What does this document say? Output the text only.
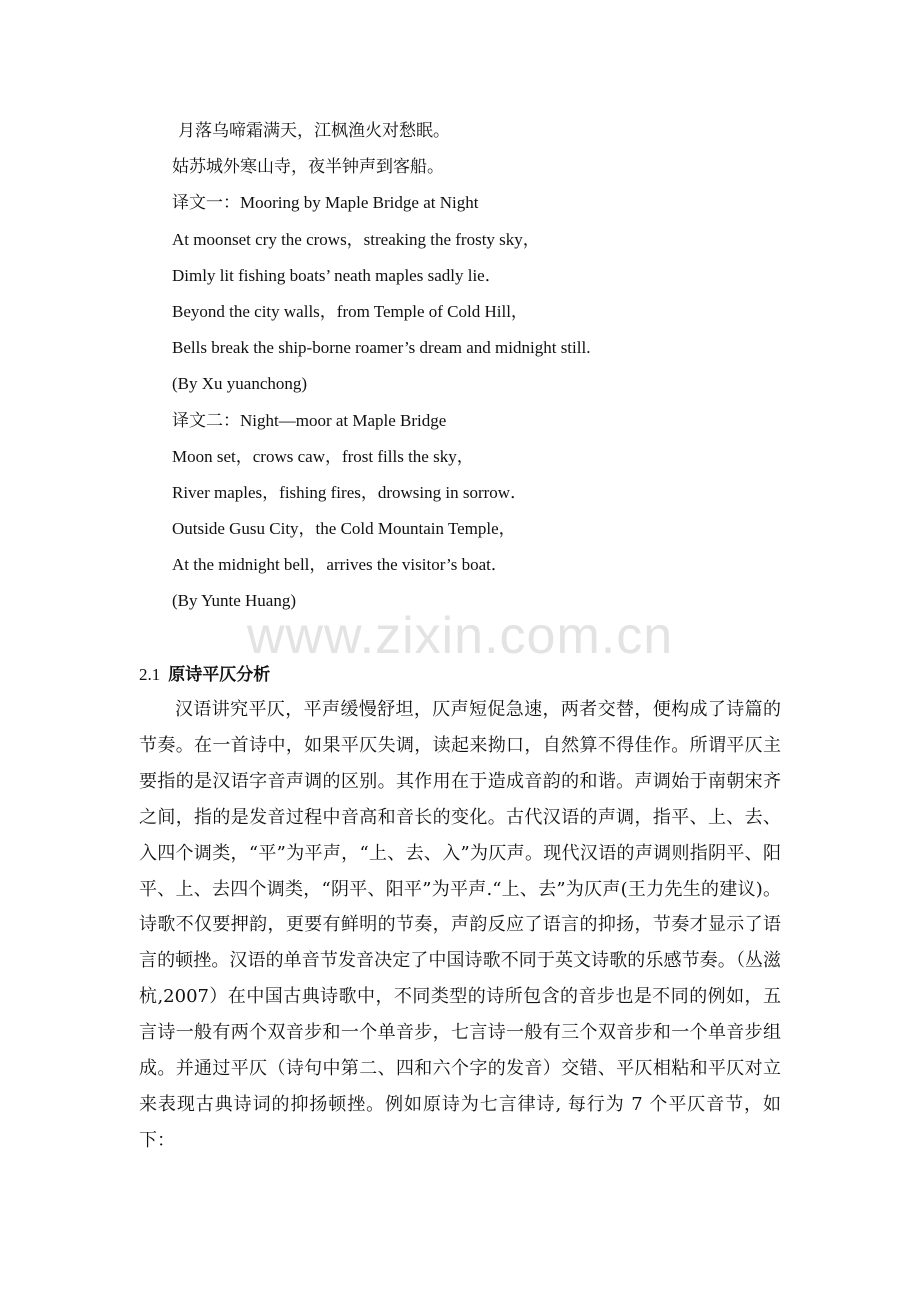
月落乌啼霜满天，江枫渔火对愁眠。
姑苏城外寒山寺，夜半钟声到客船。
译文一：Mooring by Maple Bridge at Night
At moonset cry the crows，streaking the frosty sky，
Dimly lit fishing boats’ neath maples sadly lie．
Beyond the city walls，from Temple of Cold Hill，
Bells break the ship-borne roamer’s dream and midnight still.
(By Xu yuanchong)
译文二：Night—moor at Maple Bridge
Moon set，crows caw，frost fills the sky，
River maples，fishing fires，drowsing in sorrow．
Outside Gusu City，the Cold Mountain Temple，
At the midnight bell，arrives the visitor’s boat．
(By Yunte Huang)
www.zixin.com.cn
2.1 原诗平仄分析

汉语讲究平仄，平声缓慢舒坦，仄声短促急速，两者交替，便构成了诗篇的节奏。在一首诗中，如果平仄失调，读起来拗口，自然算不得佳作。所谓平仄主要指的是汉语字音声调的区别。其作用在于造成音韵的和谐。声调始于南朝宋齐之间，指的是发音过程中音高和音长的变化。古代汉语的声调，指平、上、去、入四个调类，“平”为平声，“上、去、入”为仄声。现代汉语的声调则指阴平、阳平、上、去四个调类，“阴平、阳平”为平声.“上、去”为仄声(王力先生的建议)。诗歌不仅要押韵，更要有鲜明的节奏，声韵反应了语言的抑扬，节奏才显示了语言的顿挫。汉语的单音节发音决定了中国诗歌不同于英文诗歌的乐感节奏。（丛滋杭,2007）在中国古典诗歌中，不同类型的诗所包含的音步也是不同的例如，五言诗一般有两个双音步和一个单音步，七言诗一般有三个双音步和一个单音步组成。并通过平仄（诗句中第二、四和六个字的发音）交错、平仄相粘和平仄对立来表现古典诗词的抑扬顿挫。例如原诗为七言律诗, 每行为 7 个平仄音节，如下：
